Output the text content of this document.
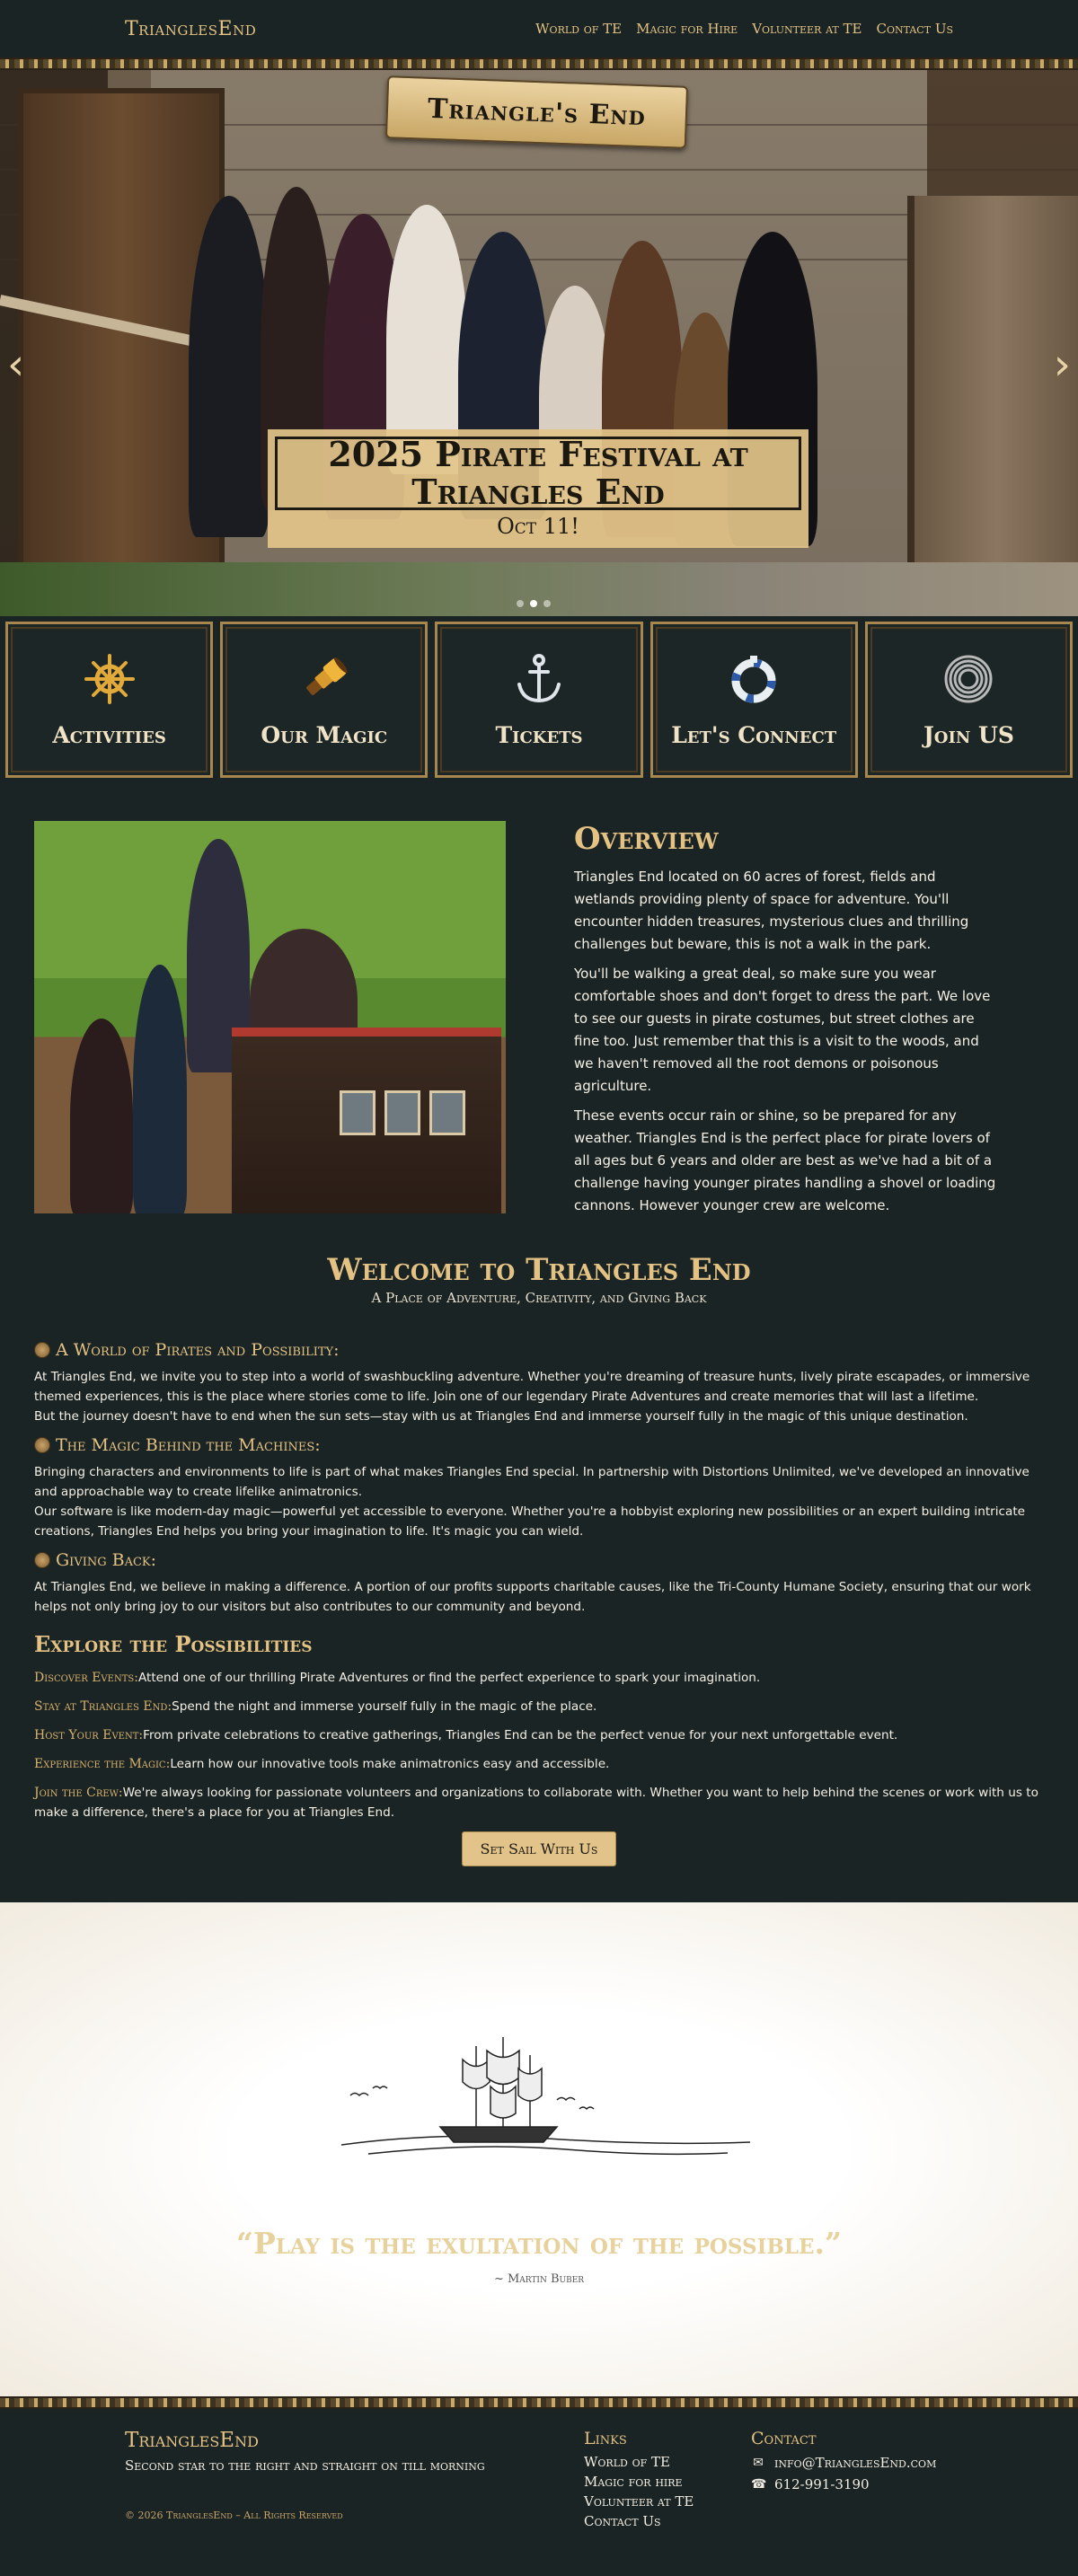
TrianglesEnd	World of TE Magic for Hire Volunteer at TE Contact Us
Triangle's End
2025 Pirate Festival at
Triangles End
Oct 11!
‹	›
Activities	Our Magic	Tickets	Let's Connect	Join US
Overview

Triangles End located on 60 acres of forest, fields and wetlands providing plenty of space for adventure. You'll encounter hidden treasures, mysterious clues and thrilling challenges but beware, this is not a walk in the park.

You'll be walking a great deal, so make sure you wear comfortable shoes and don't forget to dress the part. We love to see our guests in pirate costumes, but street clothes are fine too. Just remember that this is a visit to the woods, and we haven't removed all the root demons or poisonous agriculture.

These events occur rain or shine, so be prepared for any weather. Triangles End is the perfect place for pirate lovers of all ages but 6 years and older are best as we've had a bit of a challenge having younger pirates handling a shovel or loading cannons. However younger crew are welcome.

Welcome to Triangles End
A Place of Adventure, Creativity, and Giving Back
A World of Pirates and Possibility:

At Triangles End, we invite you to step into a world of swashbuckling adventure. Whether you're dreaming of treasure hunts, lively pirate escapades, or immersive themed experiences, this is the place where stories come to life. Join one of our legendary Pirate Adventures and create memories that will last a lifetime.

But the journey doesn't have to end when the sun sets—stay with us at Triangles End and immerse yourself fully in the magic of this unique destination.

The Magic Behind the Machines:

Bringing characters and environments to life is part of what makes Triangles End special. In partnership with Distortions Unlimited, we've developed an innovative and approachable way to create lifelike animatronics.

Our software is like modern-day magic—powerful yet accessible to everyone. Whether you're a hobbyist exploring new possibilities or an expert building intricate creations, Triangles End helps you bring your imagination to life. It's magic you can wield.

Giving Back:

At Triangles End, we believe in making a difference. A portion of our profits supports charitable causes, like the Tri-County Humane Society, ensuring that our work helps not only bring joy to our visitors but also contributes to our community and beyond.

Explore the Possibilities
Discover Events:Attend one of our thrilling Pirate Adventures or find the perfect experience to spark your imagination.
Stay at Triangles End:Spend the night and immerse yourself fully in the magic of the place.
Host Your Event:From private celebrations to creative gatherings, Triangles End can be the perfect venue for your next unforgettable event.
Experience the Magic:Learn how our innovative tools make animatronics easy and accessible.
Join the Crew:We're always looking for passionate volunteers and organizations to collaborate with. Whether you want to help behind the scenes or work with us to make a difference, there's a place for you at Triangles End.
Set Sail With Us
“Play is the exultation of the possible.”
~ Martin Buber
TrianglesEnd
Second star to the right and straight on till morning
© 2026 TrianglesEnd – All Rights Reserved
Links
World of TE
Magic for hire
Volunteer at TE
Contact Us
Contact
✉ info@TrianglesEnd.com
☎ 612-991-3190
